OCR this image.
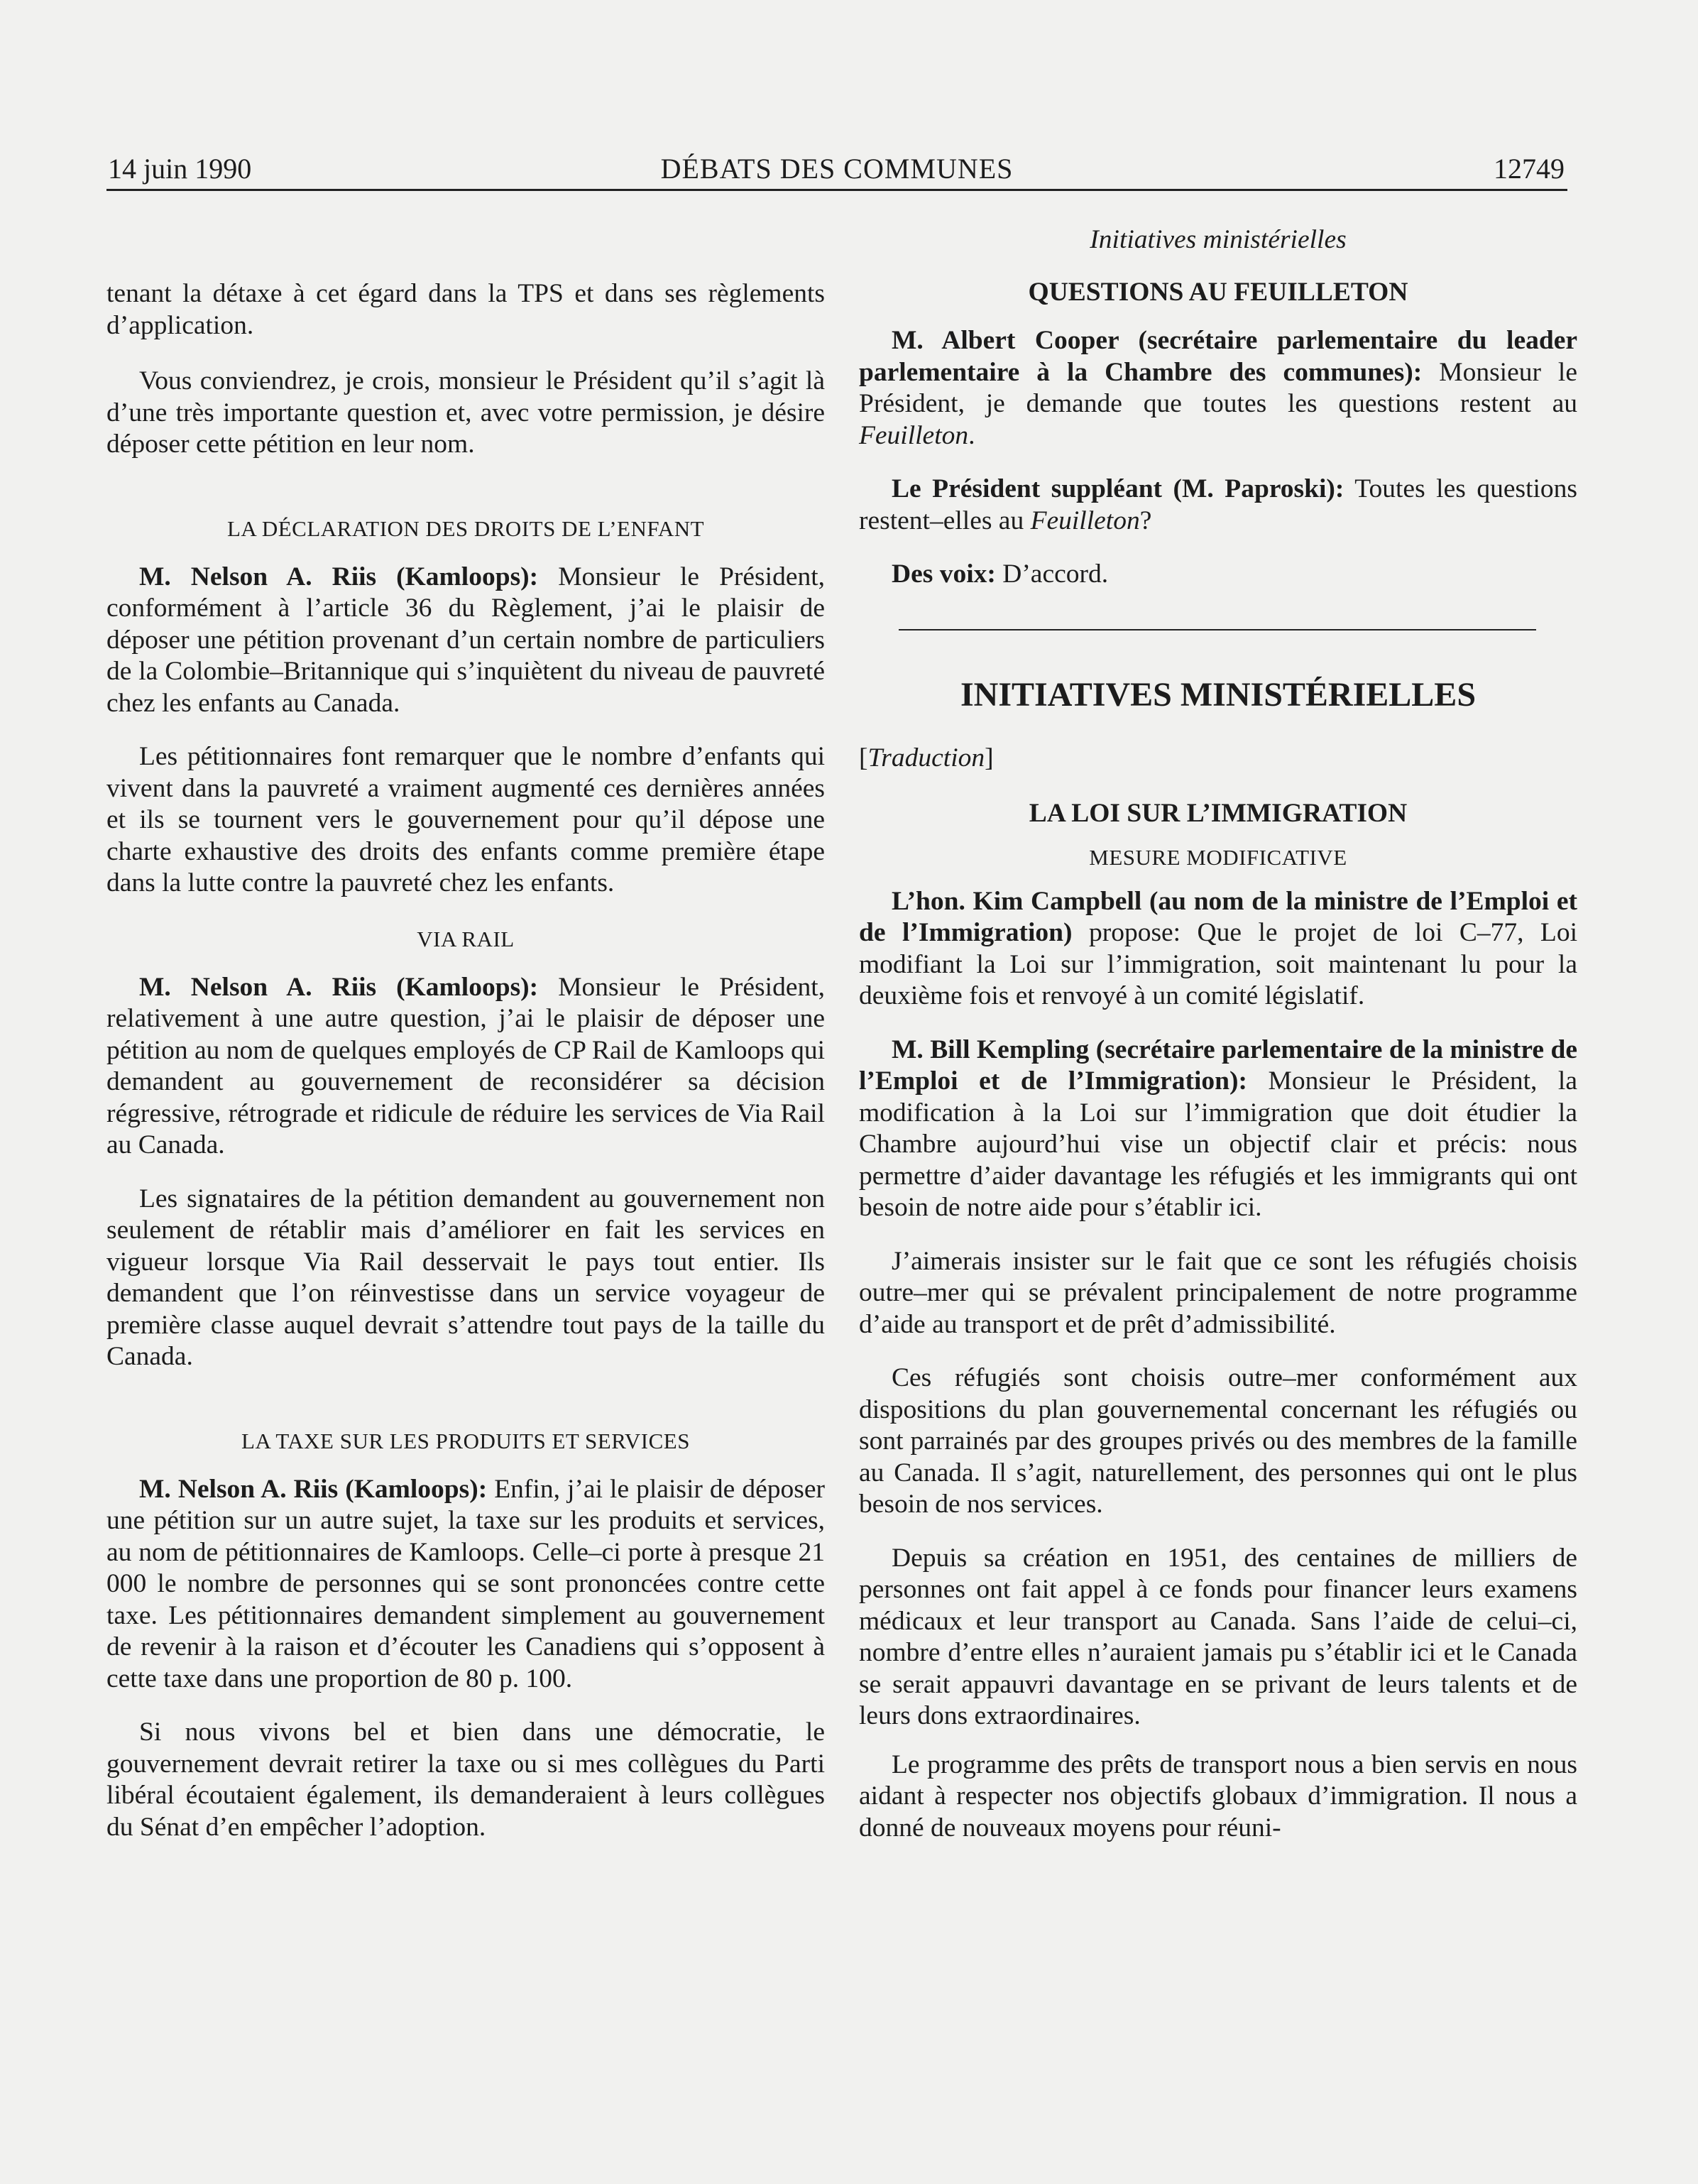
14 juin 1990	DÉBATS DES COMMUNES	12749

tenant la détaxe à cet égard dans la TPS et dans ses règlements d’application.

Vous conviendrez, je crois, monsieur le Président qu’il s’agit là d’une très importante question et, avec votre permission, je désire déposer cette pétition en leur nom.

LA DÉCLARATION DES DROITS DE L’ENFANT

M. Nelson A. Riis (Kamloops): Monsieur le Président, conformément à l’article 36 du Règlement, j’ai le plaisir de déposer une pétition provenant d’un certain nombre de particuliers de la Colombie–Britannique qui s’inquiètent du niveau de pauvreté chez les enfants au Canada.

Les pétitionnaires font remarquer que le nombre d’enfants qui vivent dans la pauvreté a vraiment augmenté ces dernières années et ils se tournent vers le gouvernement pour qu’il dépose une charte exhaustive des droits des enfants comme première étape dans la lutte contre la pauvreté chez les enfants.

VIA RAIL

M. Nelson A. Riis (Kamloops): Monsieur le Président, relativement à une autre question, j’ai le plaisir de déposer une pétition au nom de quelques employés de CP Rail de Kamloops qui demandent au gouvernement de reconsidérer sa décision régressive, rétrograde et ridicule de réduire les services de Via Rail au Canada.

Les signataires de la pétition demandent au gouvernement non seulement de rétablir mais d’améliorer en fait les services en vigueur lorsque Via Rail desservait le pays tout entier. Ils demandent que l’on réinvestisse dans un service voyageur de première classe auquel devrait s’attendre tout pays de la taille du Canada.

LA TAXE SUR LES PRODUITS ET SERVICES

M. Nelson A. Riis (Kamloops): Enfin, j’ai le plaisir de déposer une pétition sur un autre sujet, la taxe sur les produits et services, au nom de pétitionnaires de Kamloops. Celle–ci porte à presque 21 000 le nombre de personnes qui se sont prononcées contre cette taxe. Les pétitionnaires demandent simplement au gouvernement de revenir à la raison et d’écouter les Canadiens qui s’opposent à cette taxe dans une proportion de 80 p. 100.

Si nous vivons bel et bien dans une démocratie, le gouvernement devrait retirer la taxe ou si mes collègues du Parti libéral écoutaient également, ils demanderaient à leurs collègues du Sénat d’en empêcher l’adoption.

Initiatives ministérielles
QUESTIONS AU FEUILLETON

M. Albert Cooper (secrétaire parlementaire du leader parlementaire à la Chambre des communes): Monsieur le Président, je demande que toutes les questions restent au Feuilleton.

Le Président suppléant (M. Paproski): Toutes les questions restent–elles au Feuilleton?

Des voix: D’accord.

INITIATIVES MINISTÉRIELLES
[Traduction]
LA LOI SUR L’IMMIGRATION
MESURE MODIFICATIVE

L’hon. Kim Campbell (au nom de la ministre de l’Emploi et de l’Immigration) propose: Que le projet de loi C–77, Loi modifiant la Loi sur l’immigration, soit maintenant lu pour la deuxième fois et renvoyé à un comité législatif.

M. Bill Kempling (secrétaire parlementaire de la ministre de l’Emploi et de l’Immigration): Monsieur le Président, la modification à la Loi sur l’immigration que doit étudier la Chambre aujourd’hui vise un objectif clair et précis: nous permettre d’aider davantage les réfugiés et les immigrants qui ont besoin de notre aide pour s’établir ici.

J’aimerais insister sur le fait que ce sont les réfugiés choisis outre–mer qui se prévalent principalement de notre programme d’aide au transport et de prêt d’admissibilité.

Ces réfugiés sont choisis outre–mer conformément aux dispositions du plan gouvernemental concernant les réfugiés ou sont parrainés par des groupes privés ou des membres de la famille au Canada. Il s’agit, naturellement, des personnes qui ont le plus besoin de nos services.

Depuis sa création en 1951, des centaines de milliers de personnes ont fait appel à ce fonds pour financer leurs examens médicaux et leur transport au Canada. Sans l’aide de celui–ci, nombre d’entre elles n’auraient jamais pu s’établir ici et le Canada se serait appauvri davantage en se privant de leurs talents et de leurs dons extraordinaires.

Le programme des prêts de transport nous a bien servis en nous aidant à respecter nos objectifs globaux d’immigration. Il nous a donné de nouveaux moyens pour réuni-
